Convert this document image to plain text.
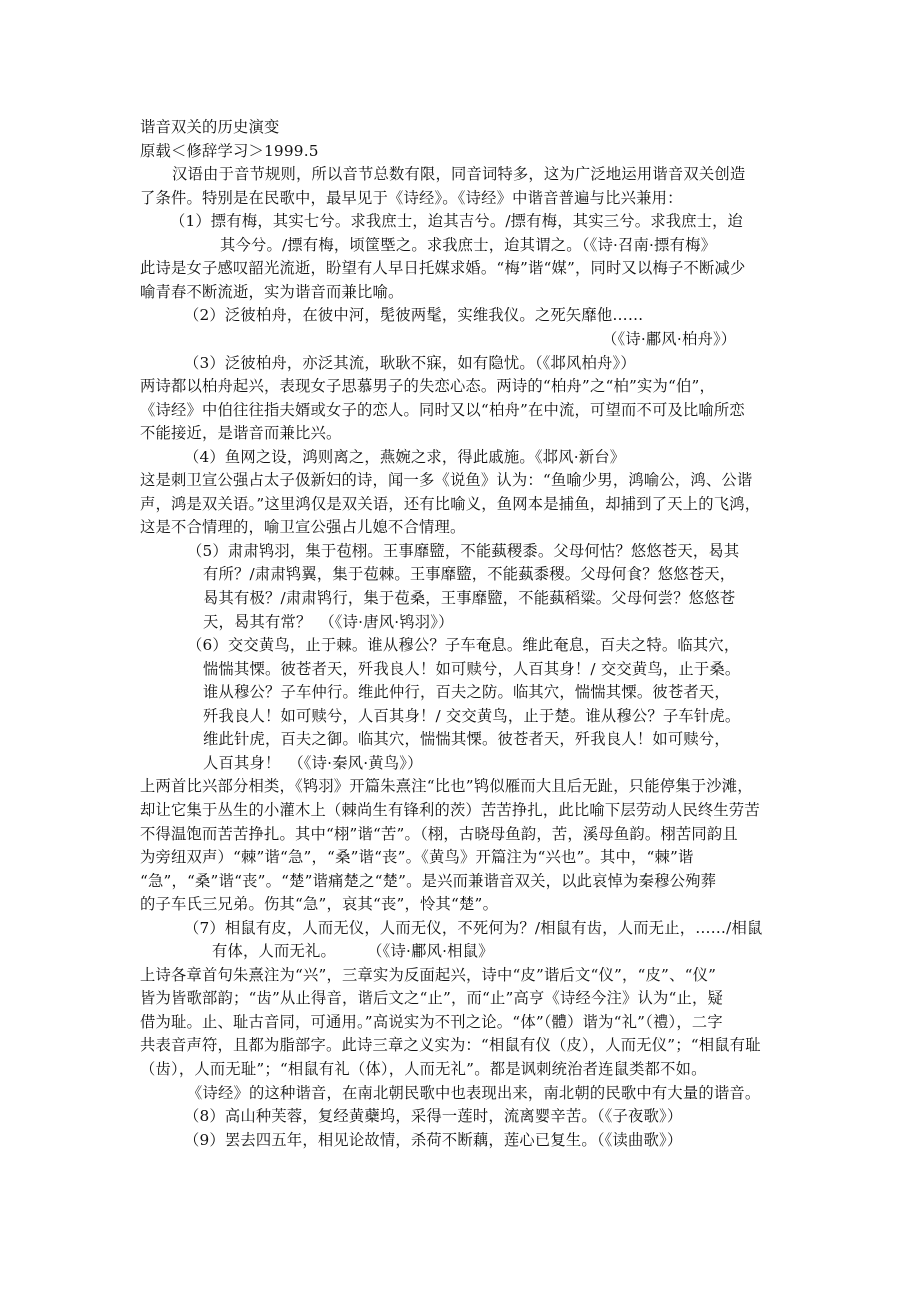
谐音双关的历史演变
原载＜修辞学习＞1999.5
汉语由于音节规则，所以音节总数有限，同音词特多，这为广泛地运用谐音双关创造
了条件。特别是在民歌中，最早见于《诗经》。《诗经》中谐音普遍与比兴兼用：
（1）摽有梅，其实七兮。求我庶士，迨其吉兮。/摽有梅，其实三兮。求我庶士，迨
其今兮。/摽有梅，顷筐塈之。求我庶士，迨其谓之。（《诗·召南·摽有梅》
此诗是女子感叹韶光流逝，盼望有人早日托媒求婚。“梅”谐“媒”，同时又以梅子不断减少
喻青春不断流逝，实为谐音而兼比喻。
（2）泛彼柏舟，在彼中河，髧彼两髦，实维我仪。之死矢靡他……
（《诗·鄘风·柏舟》）
（3）泛彼柏舟，亦泛其流，耿耿不寐，如有隐忧。（《邶风柏舟》）
两诗都以柏舟起兴，表现女子思慕男子的失恋心态。两诗的“柏舟”之“柏”实为“伯”，
《诗经》中伯往往指夫婿或女子的恋人。同时又以“柏舟”在中流，可望而不可及比喻所恋
不能接近，是谐音而兼比兴。
（4）鱼网之设，鸿则离之，燕婉之求，得此戚施。《邶风·新台》
这是刺卫宣公强占太子伋新妇的诗，闻一多《说鱼》认为：“鱼喻少男，鸿喻公，鸿、公谐
声，鸿是双关语。”这里鸿仅是双关语，还有比喻义，鱼网本是捕鱼，却捕到了天上的飞鸿，
这是不合情理的，喻卫宣公强占儿媳不合情理。
（5）肃肃鸨羽，集于苞栩。王事靡盬，不能蓺稷黍。父母何怙？悠悠苍天，曷其
有所？/肃肃鸨翼，集于苞棘。王事靡盬，不能蓺黍稷。父母何食？悠悠苍天，
曷其有极？/肃肃鸨行，集于苞桑，王事靡盬，不能蓺稻粱。父母何尝？悠悠苍
天，曷其有常？　（《诗·唐风·鸨羽》）
（6）交交黄鸟，止于棘。谁从穆公？子车奄息。维此奄息，百夫之特。临其穴，
惴惴其慄。彼苍者天，歼我良人！如可赎兮，人百其身！/ 交交黄鸟，止于桑。
谁从穆公？子车仲行。维此仲行，百夫之防。临其穴，惴惴其慄。彼苍者天，
歼我良人！如可赎兮，人百其身！/ 交交黄鸟，止于楚。谁从穆公？子车针虎。
维此针虎，百夫之御。临其穴，惴惴其慄。彼苍者天，歼我良人！如可赎兮，
人百其身！　（《诗·秦风·黄鸟》）
上两首比兴部分相类，《鸨羽》开篇朱熹注“比也”鸨似雁而大且后无趾，只能停集于沙滩，
却让它集于丛生的小灌木上（棘尚生有锋利的茨）苦苦挣扎，此比喻下层劳动人民终生劳苦
不得温饱而苦苦挣扎。其中“栩”谐“苦”。（栩，古晓母鱼韵，苦，溪母鱼韵。栩苦同韵且
为旁纽双声）“棘”谐“急”，“桑”谐“丧”。《黄鸟》开篇注为“兴也”。其中，“棘”谐
“急”，“桑”谐“丧”。“楚”谐痛楚之“楚”。是兴而兼谐音双关，以此哀悼为秦穆公殉葬
的子车氏三兄弟。伤其“急”，哀其“丧”，怜其“楚”。
（7）相鼠有皮，人而无仪，人而无仪，不死何为？/相鼠有齿，人而无止，……/相鼠
有体，人而无礼。　　　（《诗·鄘风·相鼠》
上诗各章首句朱熹注为“兴”，三章实为反面起兴，诗中“皮”谐后文“仪”，“皮”、“仪”
皆为皆歌部韵；“齿”从止得音，谐后文之“止”，而“止”高亨《诗经今注》认为“止，疑
借为耻。止、耻古音同，可通用。”高说实为不刊之论。“体”（體）谐为“礼”（禮），二字
共表音声符，且都为脂部字。此诗三章之义实为：“相鼠有仪（皮），人而无仪”；“相鼠有耻
（齿），人而无耻”；“相鼠有礼（体），人而无礼”。都是讽刺统治者连鼠类都不如。
《诗经》的这种谐音，在南北朝民歌中也表现出来，南北朝的民歌中有大量的谐音。
（8）高山种芙蓉，复经黄蘗坞，采得一莲时，流离婴辛苦。（《子夜歌》）
（9）罢去四五年，相见论故情，杀荷不断藕，莲心已复生。（《读曲歌》）
